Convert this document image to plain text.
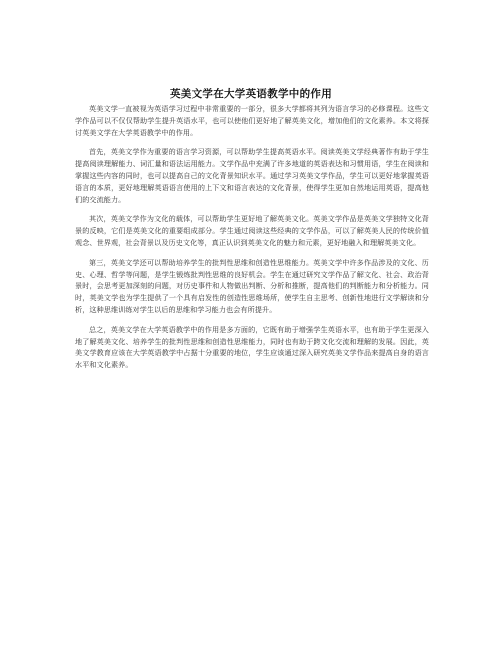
英美文学在大学英语教学中的作用

英美文学一直被视为英语学习过程中非常重要的一部分，很多大学都将其列为语言学习的必修课程。这些文学作品可以不仅仅帮助学生提升英语水平，也可以使他们更好地了解英美文化，增加他们的文化素养。本文将探讨英美文学在大学英语教学中的作用。

首先，英美文学作为重要的语言学习资源，可以帮助学生提高英语水平。阅读英美文学经典著作有助于学生提高阅读理解能力、词汇量和语法运用能力。文学作品中充满了许多地道的英语表达和习惯用语，学生在阅读和掌握这些内容的同时，也可以提高自己的文化背景知识水平。通过学习英美文学作品，学生可以更好地掌握英语语言的本质，更好地理解英语语言使用的上下文和语言表达的文化背景，使得学生更加自然地运用英语，提高他们的交流能力。

其次，英美文学作为文化的载体，可以帮助学生更好地了解英美文化。英美文学作品是英美文学独特文化背景的反映，它们是英美文化的重要组成部分。学生通过阅读这些经典的文学作品，可以了解英美人民的传统价值观念、世界观，社会背景以及历史文化等，真正认识到英美文化的魅力和元素，更好地融入和理解英美文化。

第三，英美文学还可以帮助培养学生的批判性思维和创造性思维能力。英美文学中许多作品涉及的文化、历史、心理、哲学等问题，是学生锻炼批判性思维的良好机会。学生在通过研究文学作品了解文化、社会、政治背景时，会思考更加深刻的问题，对历史事件和人物做出判断、分析和推断，提高他们的判断能力和分析能力。同时，英美文学也为学生提供了一个具有启发性的创造性思维场所，使学生自主思考、创新性地进行文学解读和分析，这种思维训练对学生以后的思维和学习能力也会有所提升。

总之，英美文学在大学英语教学中的作用是多方面的，它既有助于增强学生英语水平，也有助于学生更深入地了解英美文化、培养学生的批判性思维和创造性思维能力，同时也有助于跨文化交流和理解的发展。因此，英美文学教育应该在大学英语教学中占据十分重要的地位，学生应该通过深入研究英美文学作品来提高自身的语言水平和文化素养。
